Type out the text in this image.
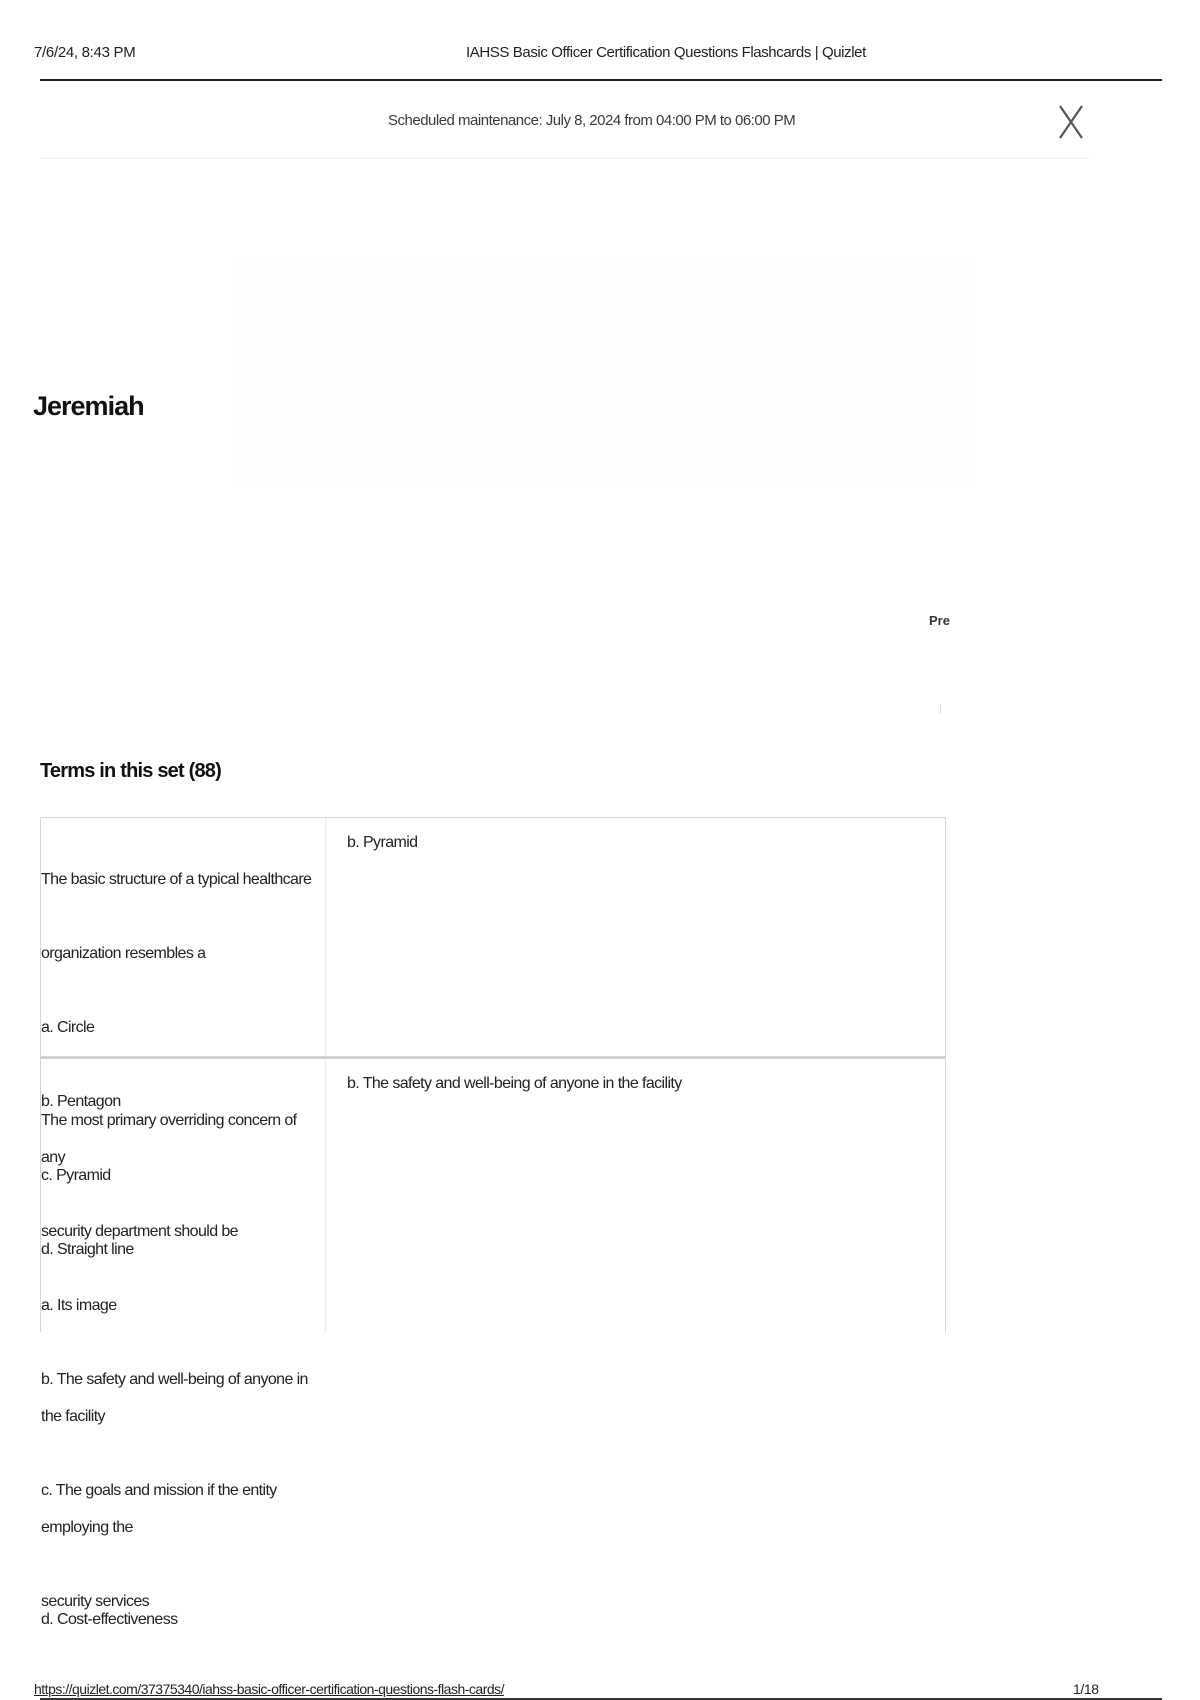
7/6/24, 8:43 PM	IAHSS Basic Officer Certification Questions Flashcards | Quizlet
Scheduled maintenance: July 8, 2024 from 04:00 PM to 06:00 PM
Jeremiah
Pre
Terms in this set (88)

The basic structure of a typical healthcare

organization resembles a

a. Circle

b. Pentagon

c. Pyramid

d. Straight line

b. Pyramid

The most primary overriding concern of any

security department should be

a. Its image

b. The safety and well-being of anyone in the facility

c. The goals and mission if the entity employing the

security services

d. Cost-effectiveness

b. The safety and well-being of anyone in the facility
https://quizlet.com/37375340/iahss-basic-officer-certification-questions-flash-cards/	1/18
